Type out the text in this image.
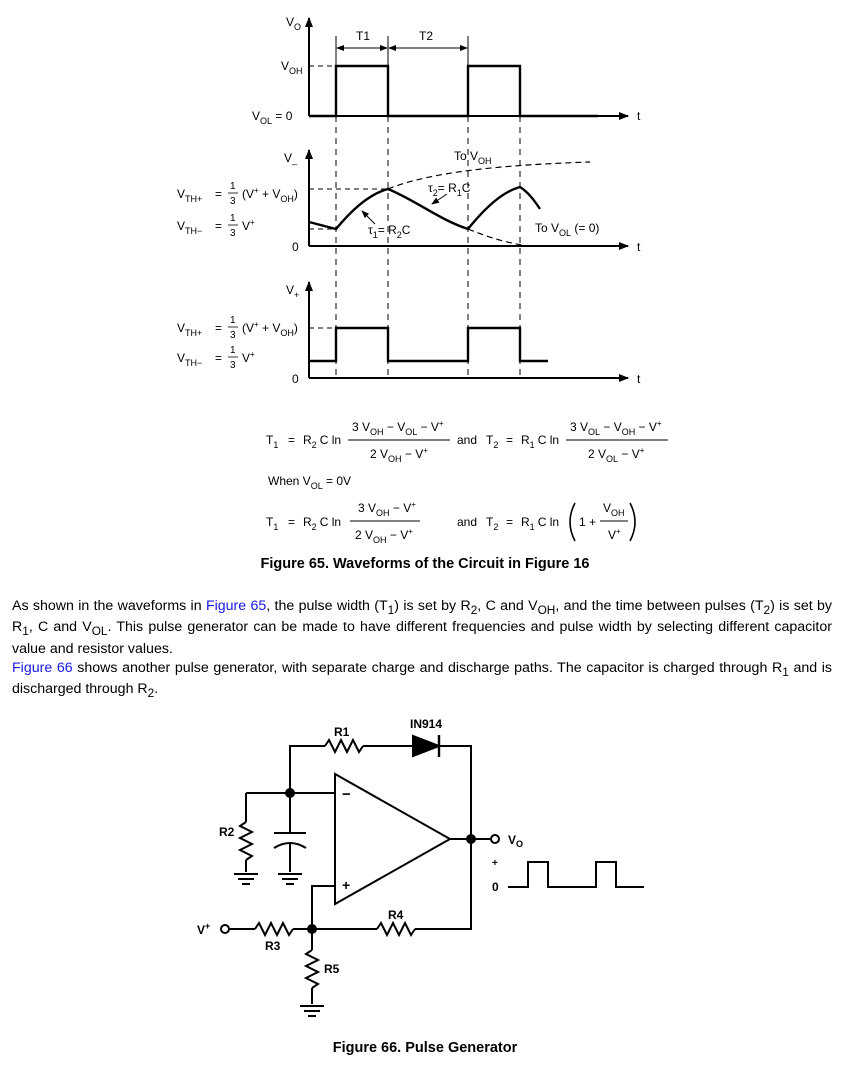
$V_O$
T1	T2
$V_{OH}$
$V_{OL} = 0$	t
V_	To $V_{OH}$
$\tau_2= R_1C$
$\tau_1= R_2C$	To $V_{OL}$ (= 0)
0	t
$V_{TH+}$ =
1
3
$(V^+ + V_{OH})$
$V_{TH-}$ =
1
3
V+
$V_+$
0	t
$V_{TH+}$ =
1
3
$(V^+ + V_{OH})$
$V_{TH-}$ =
1
3
V+
$T_1 = R_2$ C ln
3 $V_{OH} - V_{OL} - V^+$
2 $V_{OH} - V^+$
and $T_2 = R_1$ C ln
3 $V_{OL} - V_{OH} - V^+$
2 $V_{OL} - V^+$
When $V_{OL} = 0V$
$T_1 = R_2$ C ln
3 $V_{OH} - V^+$
2 $V_{OH} - V^+$
and $T_2 = R_1$ C ln 1 +
$V_{OH}$
V+
Figure 65. Waveforms of the Circuit in Figure 16
As shown in the waveforms in Figure 65, the pulse width $(T_1)$ is set by $R_2$, C and $V_{OH}$, and the time between pulses $(T_2)$ is set by $R_1$, C and $V_{OL}$. This pulse generator can be made to have different frequencies and pulse width by selecting different capacitor value and resistor values.
Figure 66 shows another pulse generator, with separate charge and discharge paths. The capacitor is charged through $R_1$ and is discharged through $R_2$.
R1
IN914
R2
R3
R4
R5
−
+
$V_O$
V+
+
0
Figure 66. Pulse Generator
